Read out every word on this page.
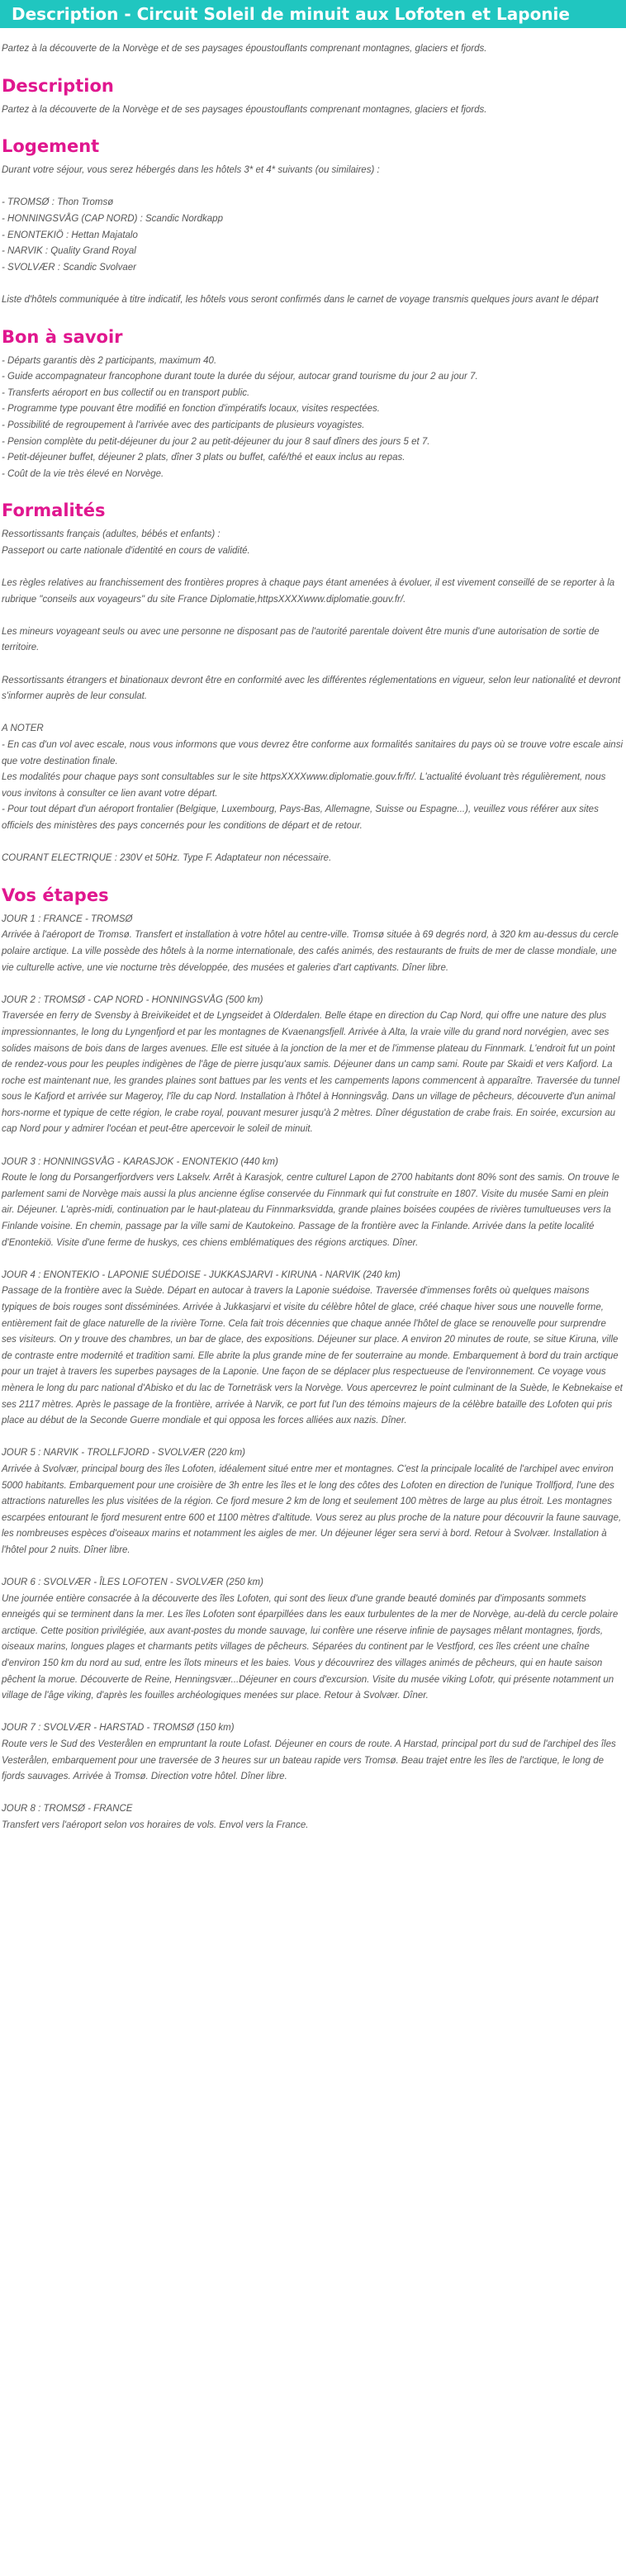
Description - Circuit Soleil de minuit aux Lofoten et Laponie

Partez à la découverte de la Norvège et de ses paysages époustouflants comprenant montagnes, glaciers et fjords.

Description

Partez à la découverte de la Norvège et de ses paysages époustouflants comprenant montagnes, glaciers et fjords.

Logement

Durant votre séjour, vous serez hébergés dans les hôtels 3* et 4* suivants (ou similaires) :

- TROMSØ : Thon Tromsø

- HONNINGSVÅG (CAP NORD) : Scandic Nordkapp

- ENONTEKIÖ : Hettan Majatalo

- NARVIK : Quality Grand Royal

- SVOLVÆR : Scandic Svolvaer

Liste d'hôtels communiquée à titre indicatif, les hôtels vous seront confirmés dans le carnet de voyage transmis quelques jours avant le départ

Bon à savoir

- Départs garantis dès 2 participants, maximum 40.

- Guide accompagnateur francophone durant toute la durée du séjour, autocar grand tourisme du jour 2 au jour 7.

- Transferts aéroport en bus collectif ou en transport public.

- Programme type pouvant être modifié en fonction d'impératifs locaux, visites respectées.

- Possibilité de regroupement à l'arrivée avec des participants de plusieurs voyagistes.

- Pension complète du petit-déjeuner du jour 2 au petit-déjeuner du jour 8 sauf dîners des jours 5 et 7.

- Petit-déjeuner buffet, déjeuner 2 plats, dîner 3 plats ou buffet, café/thé et eaux inclus au repas.

- Coût de la vie très élevé en Norvège.

Formalités

Ressortissants français (adultes, bébés et enfants) :

Passeport ou carte nationale d'identité en cours de validité.

Les règles relatives au franchissement des frontières propres à chaque pays étant amenées à évoluer, il est vivement conseillé de se reporter à la rubrique "conseils aux voyageurs" du site France Diplomatie,httpsXXXXwww.diplomatie.gouv.fr/.

Les mineurs voyageant seuls ou avec une personne ne disposant pas de l'autorité parentale doivent être munis d'une autorisation de sortie de territoire.

Ressortissants étrangers et binationaux devront être en conformité avec les différentes réglementations en vigueur, selon leur nationalité et devront s'informer auprès de leur consulat.

A NOTER

- En cas d'un vol avec escale, nous vous informons que vous devrez être conforme aux formalités sanitaires du pays où se trouve votre escale ainsi que votre destination finale.

Les modalités pour chaque pays sont consultables sur le site httpsXXXXwww.diplomatie.gouv.fr/fr/. L'actualité évoluant très régulièrement, nous vous invitons à consulter ce lien avant votre départ.

- Pour tout départ d'un aéroport frontalier (Belgique, Luxembourg, Pays-Bas, Allemagne, Suisse ou Espagne...), veuillez vous référer aux sites officiels des ministères des pays concernés pour les conditions de départ et de retour.

COURANT ELECTRIQUE : 230V et 50Hz. Type F. Adaptateur non nécessaire.

Vos étapes

JOUR 1 : FRANCE - TROMSØ

Arrivée à l'aéroport de Tromsø. Transfert et installation à votre hôtel au centre-ville. Tromsø située à 69 degrés nord, à 320 km au-dessus du cercle polaire arctique. La ville possède des hôtels à la norme internationale, des cafés animés, des restaurants de fruits de mer de classe mondiale, une vie culturelle active, une vie nocturne très développée, des musées et galeries d'art captivants. Dîner libre.

JOUR 2 : TROMSØ - CAP NORD - HONNINGSVÅG (500 km)

Traversée en ferry de Svensby à Breivikeidet et de Lyngseidet à Olderdalen. Belle étape en direction du Cap Nord, qui offre une nature des plus impressionnantes, le long du Lyngenfjord et par les montagnes de Kvaenangsfjell. Arrivée à Alta, la vraie ville du grand nord norvégien, avec ses solides maisons de bois dans de larges avenues. Elle est située à la jonction de la mer et de l'immense plateau du Finnmark. L'endroit fut un point de rendez-vous pour les peuples indigènes de l'âge de pierre jusqu'aux samis. Déjeuner dans un camp sami. Route par Skaidi et vers Kafjord. La roche est maintenant nue, les grandes plaines sont battues par les vents et les campements lapons commencent à apparaître. Traversée du tunnel sous le Kafjord et arrivée sur Mageroy, l'île du cap Nord. Installation à l'hôtel à Honningsvåg. Dans un village de pêcheurs, découverte d'un animal hors-norme et typique de cette région, le crabe royal, pouvant mesurer jusqu'à 2 mètres. Dîner dégustation de crabe frais. En soirée, excursion au cap Nord pour y admirer l'océan et peut-être apercevoir le soleil de minuit.

JOUR 3 : HONNINGSVÅG - KARASJOK - ENONTEKIO (440 km)

Route le long du Porsangerfjordvers vers Lakselv. Arrêt à Karasjok, centre culturel Lapon de 2700 habitants dont 80% sont des samis. On trouve le parlement sami de Norvège mais aussi la plus ancienne église conservée du Finnmark qui fut construite en 1807. Visite du musée Sami en plein air. Déjeuner. L'après-midi, continuation par le haut-plateau du Finnmarksvidda, grande plaines boisées coupées de rivières tumultueuses vers la Finlande voisine. En chemin, passage par la ville sami de Kautokeino. Passage de la frontière avec la Finlande. Arrivée dans la petite localité d'Enontekiö. Visite d'une ferme de huskys, ces chiens emblématiques des régions arctiques. Dîner.

JOUR 4 : ENONTEKIO - LAPONIE SUÉDOISE - JUKKASJARVI - KIRUNA - NARVIK (240 km)

Passage de la frontière avec la Suède. Départ en autocar à travers la Laponie suédoise. Traversée d'immenses forêts où quelques maisons typiques de bois rouges sont disséminées. Arrivée à Jukkasjarvi et visite du célèbre hôtel de glace, créé chaque hiver sous une nouvelle forme, entièrement fait de glace naturelle de la rivière Torne. Cela fait trois décennies que chaque année l'hôtel de glace se renouvelle pour surprendre ses visiteurs. On y trouve des chambres, un bar de glace, des expositions. Déjeuner sur place. A environ 20 minutes de route, se situe Kiruna, ville de contraste entre modernité et tradition sami. Elle abrite la plus grande mine de fer souterraine au monde. Embarquement à bord du train arctique pour un trajet à travers les superbes paysages de la Laponie. Une façon de se déplacer plus respectueuse de l'environnement. Ce voyage vous mènera le long du parc national d'Abisko et du lac de Torneträsk vers la Norvège. Vous apercevrez le point culminant de la Suède, le Kebnekaise et ses 2117 mètres. Après le passage de la frontière, arrivée à Narvik, ce port fut l'un des témoins majeurs de la célèbre bataille des Lofoten qui pris place au début de la Seconde Guerre mondiale et qui opposa les forces alliées aux nazis. Dîner.

JOUR 5 : NARVIK - TROLLFJORD - SVOLVÆR (220 km)

Arrivée à Svolvær, principal bourg des îles Lofoten, idéalement situé entre mer et montagnes. C'est la principale localité de l'archipel avec environ 5000 habitants. Embarquement pour une croisière de 3h entre les îles et le long des côtes des Lofoten en direction de l'unique Trollfjord, l'une des attractions naturelles les plus visitées de la région. Ce fjord mesure 2 km de long et seulement 100 mètres de large au plus étroit. Les montagnes escarpées entourant le fjord mesurent entre 600 et 1100 mètres d'altitude. Vous serez au plus proche de la nature pour découvrir la faune sauvage, les nombreuses espèces d'oiseaux marins et notamment les aigles de mer. Un déjeuner léger sera servi à bord. Retour à Svolvær. Installation à l'hôtel pour 2 nuits. Dîner libre.

JOUR 6 : SVOLVÆR - ÎLES LOFOTEN - SVOLVÆR (250 km)

Une journée entière consacrée à la découverte des îles Lofoten, qui sont des lieux d'une grande beauté dominés par d'imposants sommets enneigés qui se terminent dans la mer. Les îles Lofoten sont éparpillées dans les eaux turbulentes de la mer de Norvège, au-delà du cercle polaire arctique. Cette position privilégiée, aux avant-postes du monde sauvage, lui confère une réserve infinie de paysages mêlant montagnes, fjords, oiseaux marins, longues plages et charmants petits villages de pêcheurs. Séparées du continent par le Vestfjord, ces îles créent une chaîne d'environ 150 km du nord au sud, entre les îlots mineurs et les baies. Vous y découvrirez des villages animés de pêcheurs, qui en haute saison pêchent la morue. Découverte de Reine, Henningsvær...Déjeuner en cours d'excursion. Visite du musée viking Lofotr, qui présente notamment un village de l'âge viking, d'après les fouilles archéologiques menées sur place. Retour à Svolvær. Dîner.

JOUR 7 : SVOLVÆR - HARSTAD - TROMSØ (150 km)

Route vers le Sud des Vesterålen en empruntant la route Lofast. Déjeuner en cours de route. A Harstad, principal port du sud de l'archipel des îles Vesterålen, embarquement pour une traversée de 3 heures sur un bateau rapide vers Tromsø. Beau trajet entre les îles de l'arctique, le long de fjords sauvages. Arrivée à Tromsø. Direction votre hôtel. Dîner libre.

JOUR 8 : TROMSØ - FRANCE

Transfert vers l'aéroport selon vos horaires de vols. Envol vers la France.
